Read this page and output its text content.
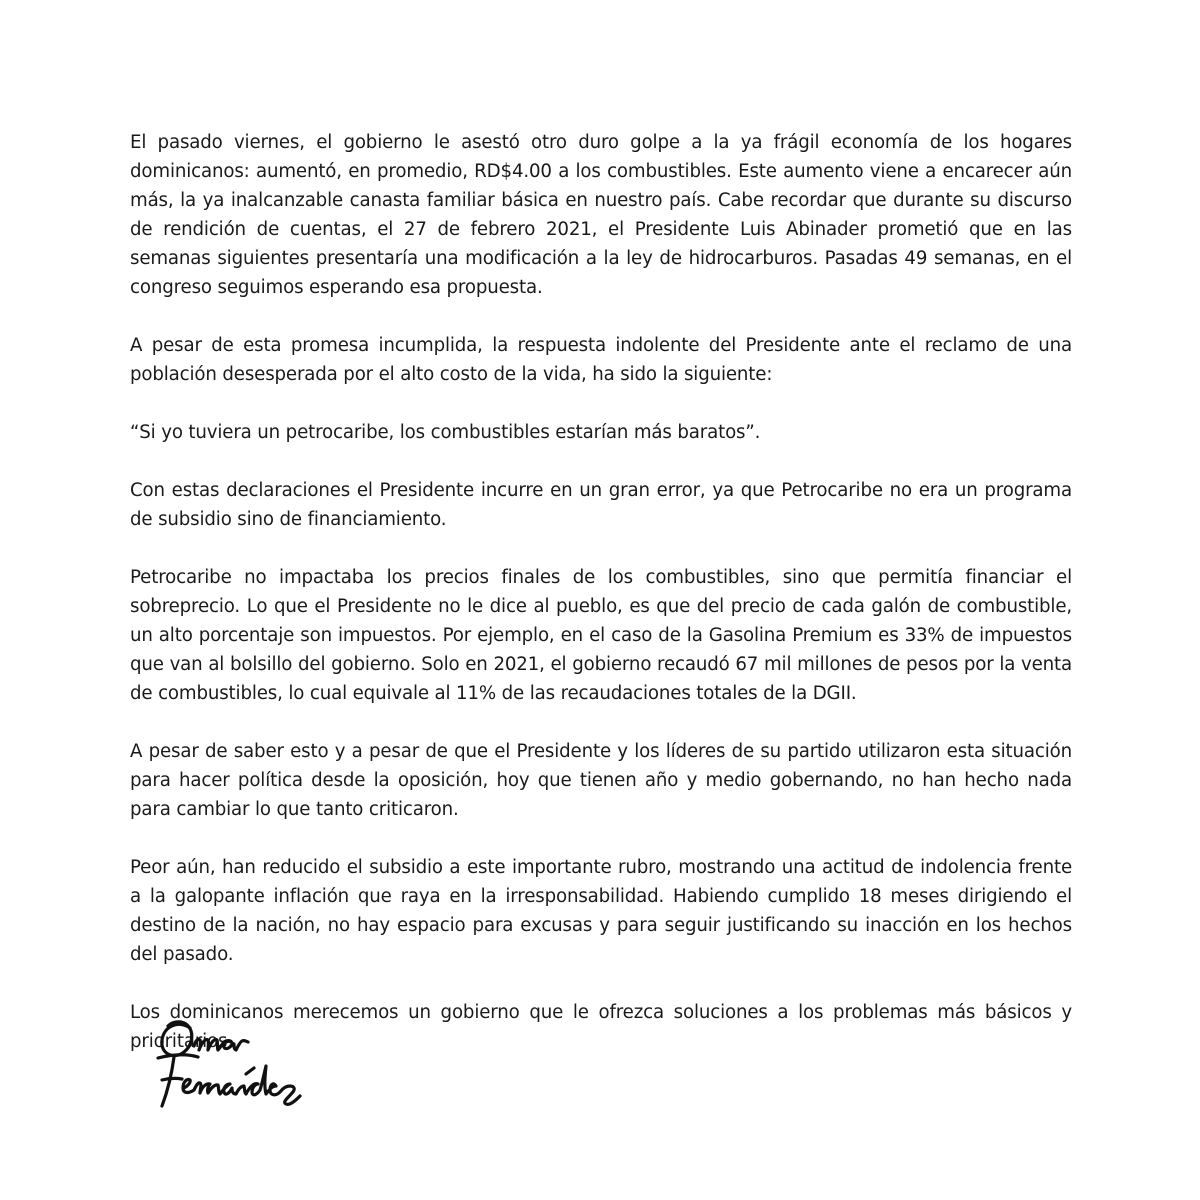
El pasado viernes, el gobierno le asestó otro duro golpe a la ya frágil economía de los hogares dominicanos: aumentó, en promedio, RD$4.00 a los combustibles. Este aumento viene a encarecer aún más, la ya inalcanzable canasta familiar básica en nuestro país. Cabe recordar que durante su discurso de rendición de cuentas, el 27 de febrero 2021, el Presidente Luis Abinader prometió que en las semanas siguientes presentaría una modificación a la ley de hidrocarburos. Pasadas 49 semanas, en el congreso seguimos esperando esa propuesta.

A pesar de esta promesa incumplida, la respuesta indolente del Presidente ante el reclamo de una población desesperada por el alto costo de la vida, ha sido la siguiente:

“Si yo tuviera un petrocaribe, los combustibles estarían más baratos”.

Con estas declaraciones el Presidente incurre en un gran error, ya que Petrocaribe no era un programa de subsidio sino de financiamiento.

Petrocaribe no impactaba los precios finales de los combustibles, sino que permitía financiar el sobreprecio. Lo que el Presidente no le dice al pueblo, es que del precio de cada galón de combustible, un alto porcentaje son impuestos. Por ejemplo, en el caso de la Gasolina Premium es 33% de impuestos que van al bolsillo del gobierno. Solo en 2021, el gobierno recaudó 67 mil millones de pesos por la venta de combustibles, lo cual equivale al 11% de las recaudaciones totales de la DGII.

A pesar de saber esto y a pesar de que el Presidente y los líderes de su partido utilizaron esta situación para hacer política desde la oposición, hoy que tienen año y medio gobernando, no han hecho nada para cambiar lo que tanto criticaron.

Peor aún, han reducido el subsidio a este importante rubro, mostrando una actitud de indolencia frente a la galopante inflación que raya en la irresponsabilidad. Habiendo cumplido 18 meses dirigiendo el destino de la nación, no hay espacio para excusas y para seguir justificando su inacción en los hechos del pasado.

Los dominicanos merecemos un gobierno que le ofrezca soluciones a los problemas más básicos y prioritarios.
